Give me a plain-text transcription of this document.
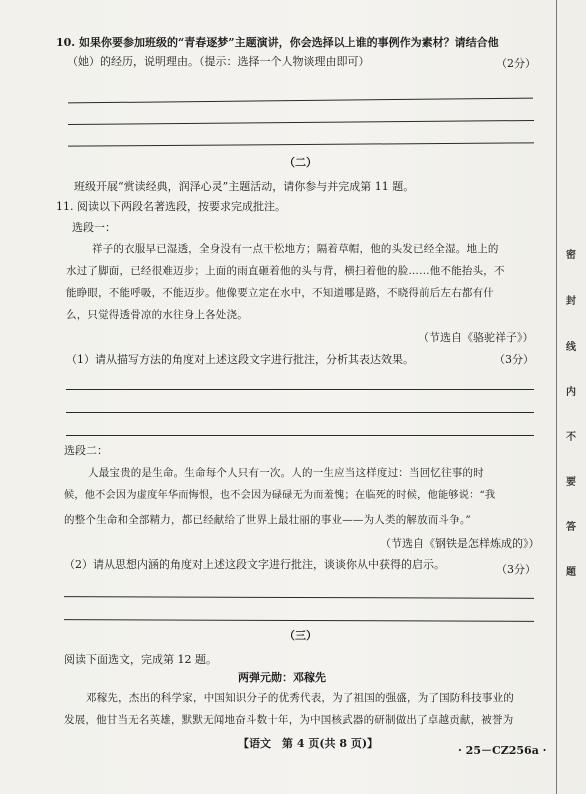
10. 如果你要参加班级的“青春逐梦”主题演讲，你会选择以上谁的事例作为素材？请结合他
（她）的经历，说明理由。（提示：选择一个人物谈理由即可）	（2分）
（二）
班级开展“赏读经典，润泽心灵”主题活动，请你参与并完成第 11 题。
11. 阅读以下两段名著选段，按要求完成批注。
选段一：
祥子的衣服早已湿透，全身没有一点干松地方；隔着草帽，他的头发已经全湿。地上的
水过了脚面，已经很难迈步；上面的雨直砸着他的头与背，横扫着他的脸……他不能抬头，不
能睁眼，不能呼吸，不能迈步。他像要立定在水中，不知道哪是路，不晓得前后左右都有什
么，只觉得透骨凉的水往身上各处浇。
（节选自《骆驼祥子》）
（1）请从描写方法的角度对上述这段文字进行批注，分析其表达效果。	（3分）
选段二：
人最宝贵的是生命。生命每个人只有一次。人的一生应当这样度过：当回忆往事的时
候，他不会因为虚度年华而悔恨，也不会因为碌碌无为而羞愧；在临死的时候，他能够说：“我
的整个生命和全部精力，都已经献给了世界上最壮丽的事业——为人类的解放而斗争。”
（节选自《钢铁是怎样炼成的》）
（2）请从思想内涵的角度对上述这段文字进行批注，谈谈你从中获得的启示。	（3分）
（三）
阅读下面选文，完成第 12 题。
两弹元勋：邓稼先
邓稼先，杰出的科学家，中国知识分子的优秀代表，为了祖国的强盛，为了国防科技事业的
发展，他甘当无名英雄，默默无闻地奋斗数十年，为中国核武器的研制做出了卓越贡献，被誉为
【语文　第 4 页(共 8 页)】
· 25－CZ256a ·
密
封
线
内
不
要
答
题
